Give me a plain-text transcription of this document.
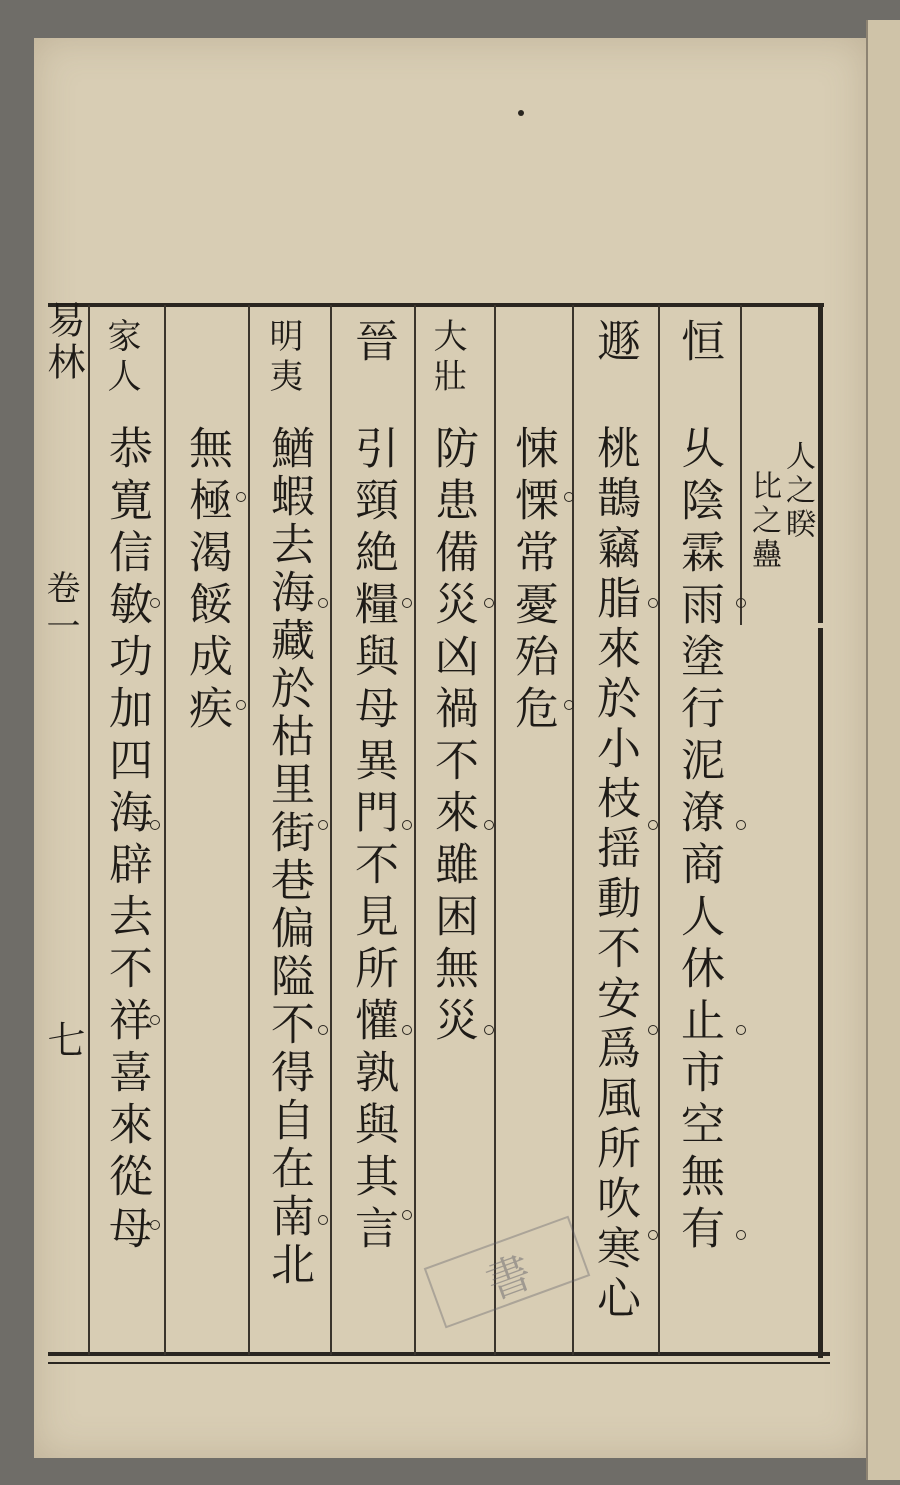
人之睽
比之蠱
恒
乆陰霖雨塗行泥潦商人休止市空無有
遯
桃鵲竊脂來於小枝揺動不安爲風所吹寒心
悚慄常憂殆危
大壯
防患備災凶禍不來雖困無災
晉
引頸絶糧與母異門不見所懽孰與其言
明夷
鰌蝦去海藏於枯里街巷偏隘不得自在南北
無極渴餒成疾
家人
恭寛信敏功加四海辟去不祥喜來從母
易林
卷一
七
書
